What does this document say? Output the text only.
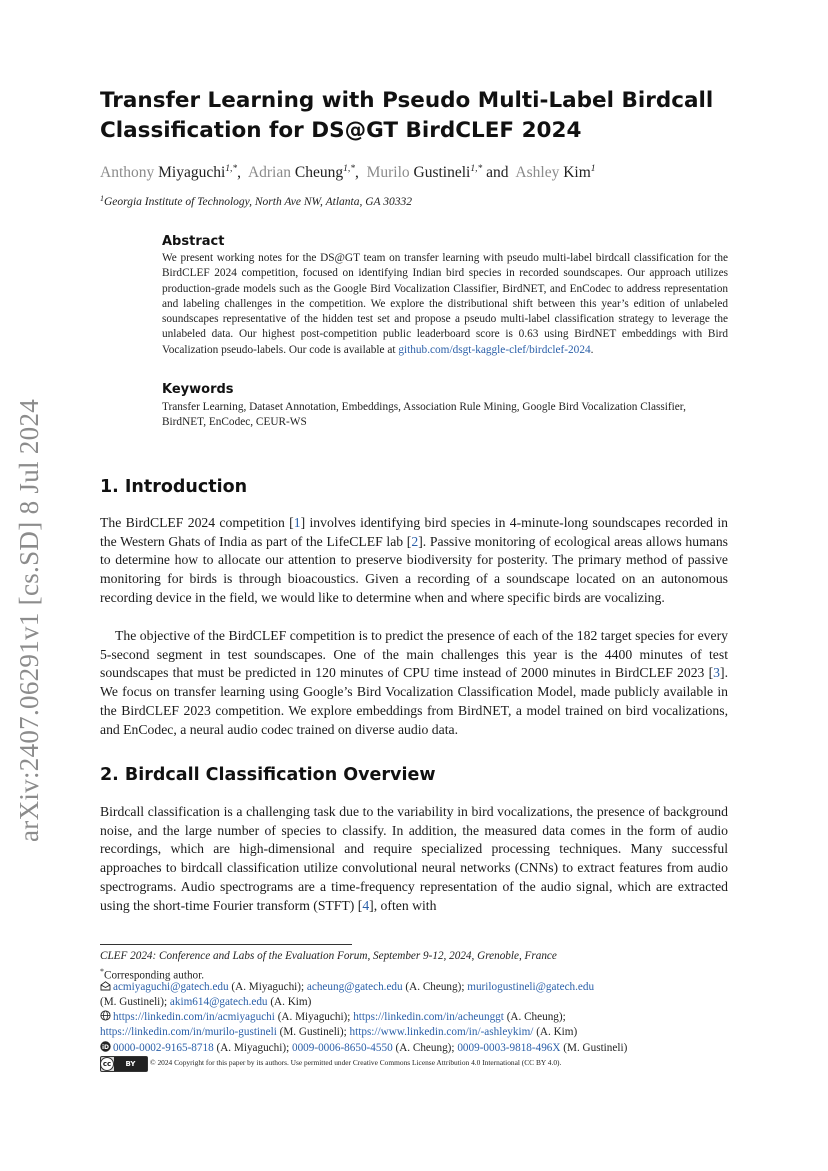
arXiv:2407.06291v1 [cs.SD] 8 Jul 2024
Transfer Learning with Pseudo Multi-Label Birdcall
Classification for DS@GT BirdCLEF 2024
Anthony Miyaguchi$^{1,*}$, Adrian Cheung$^{1,*}$, Murilo Gustineli$^{1,*}$ and Ashley Kim$^1$
$^1$Georgia Institute of Technology, North Ave NW, Atlanta, GA 30332
Abstract
We present working notes for the DS@GT team on transfer learning with pseudo multi-label birdcall classification for the BirdCLEF 2024 competition, focused on identifying Indian bird species in recorded soundscapes. Our approach utilizes production-grade models such as the Google Bird Vocalization Classifier, BirdNET, and EnCodec to address representation and labeling challenges in the competition. We explore the distributional shift between this year’s edition of unlabeled soundscapes representative of the hidden test set and propose a pseudo multi-label classification strategy to leverage the unlabeled data. Our highest post-competition public leaderboard score is 0.63 using BirdNET embeddings with Bird Vocalization pseudo-labels. Our code is available at github.com/dsgt-kaggle-clef/birdclef-2024.
Keywords
Transfer Learning, Dataset Annotation, Embeddings, Association Rule Mining, Google Bird Vocalization Classifier, BirdNET, EnCodec, CEUR-WS
1. Introduction
The BirdCLEF 2024 competition [1] involves identifying bird species in 4-minute-long soundscapes recorded in the Western Ghats of India as part of the LifeCLEF lab [2]. Passive monitoring of ecological areas allows humans to determine how to allocate our attention to preserve biodiversity for posterity. The primary method of passive monitoring for birds is through bioacoustics. Given a recording of a soundscape located on an autonomous recording device in the field, we would like to determine when and where specific birds are vocalizing.
The objective of the BirdCLEF competition is to predict the presence of each of the 182 target species for every 5-second segment in test soundscapes. One of the main challenges this year is the 4400 minutes of test soundscapes that must be predicted in 120 minutes of CPU time instead of 2000 minutes in BirdCLEF 2023 [3]. We focus on transfer learning using Google’s Bird Vocalization Classification Model, made publicly available in the BirdCLEF 2023 competition. We explore embeddings from BirdNET, a model trained on bird vocalizations, and EnCodec, a neural audio codec trained on diverse audio data.
2. Birdcall Classification Overview
Birdcall classification is a challenging task due to the variability in bird vocalizations, the presence of background noise, and the large number of species to classify. In addition, the measured data comes in the form of audio recordings, which are high-dimensional and require specialized processing techniques. Many successful approaches to birdcall classification utilize convolutional neural networks (CNNs) to extract features from audio spectrograms. Audio spectrograms are a time-frequency representation of the audio signal, which are extracted using the short-time Fourier transform (STFT) [4], often with
CLEF 2024: Conference and Labs of the Evaluation Forum, September 9-12, 2024, Grenoble, France
*Corresponding author.
acmiyaguchi@gatech.edu (A. Miyaguchi); acheung@gatech.edu (A. Cheung); murilogustineli@gatech.edu
(M. Gustineli); akim614@gatech.edu (A. Kim)
https://linkedin.com/in/acmiyaguchi (A. Miyaguchi); https://linkedin.com/in/acheunggt (A. Cheung);
https://linkedin.com/in/murilo-gustineli (M. Gustineli); https://www.linkedin.com/in/-ashleykim/ (A. Kim)
iD 0000-0002-9165-8718 (A. Miyaguchi); 0009-0006-8650-4550 (A. Cheung); 0009-0003-9818-496X (M. Gustineli)
cc	BY	© 2024 Copyright for this paper by its authors. Use permitted under Creative Commons License Attribution 4.0 International (CC BY 4.0).
